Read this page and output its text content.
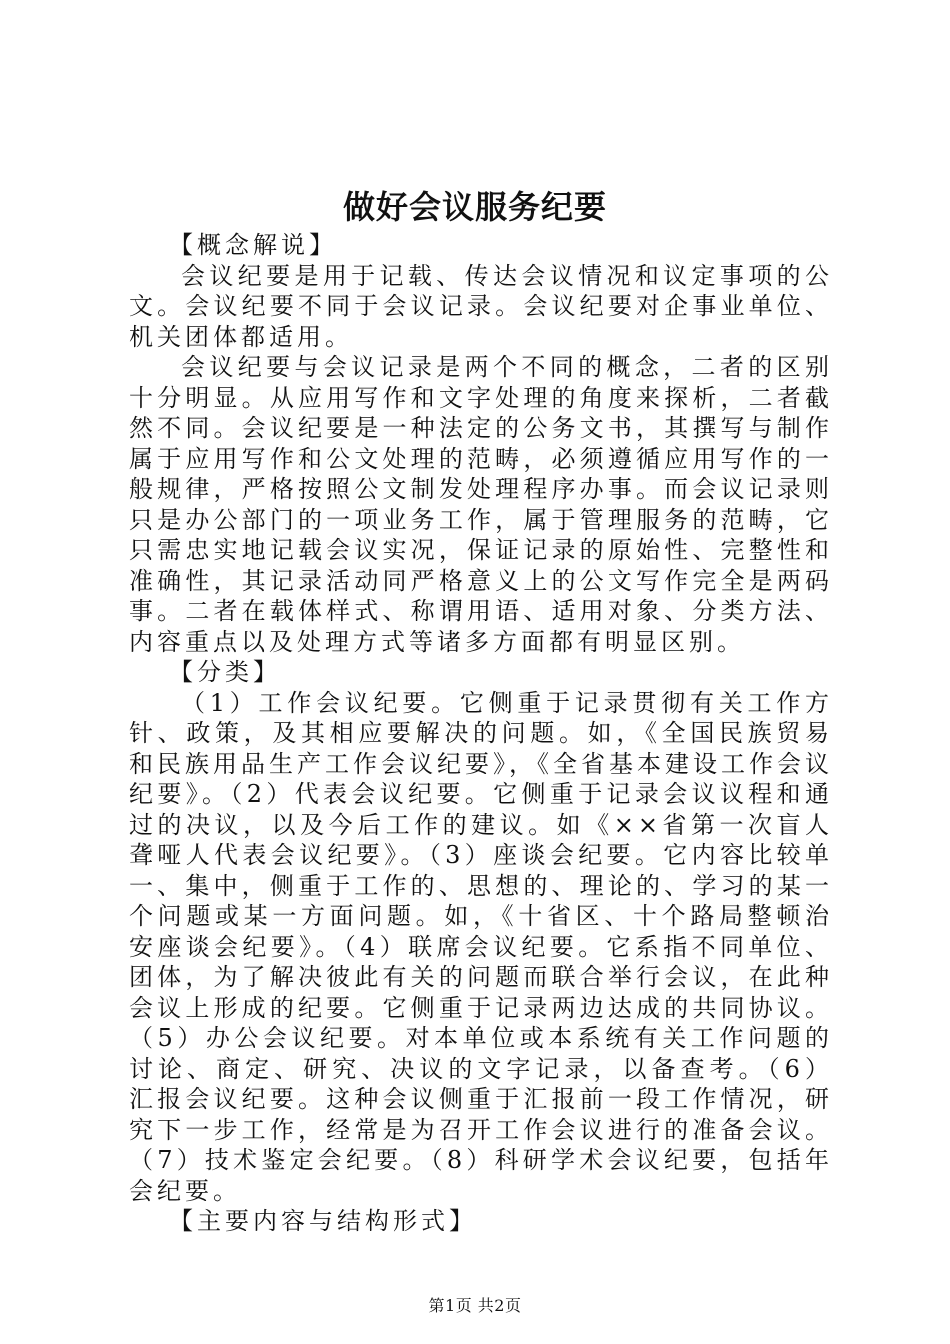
做好会议服务纪要

【概念解说】

会议纪要是用于记载、传达会议情况和议定事项的公文。会议纪要不同于会议记录。会议纪要对企事业单位、机关团体都适用。

会议纪要与会议记录是两个不同的概念，二者的区别十分明显。从应用写作和文字处理的角度来探析，二者截然不同。会议纪要是一种法定的公务文书，其撰写与制作属于应用写作和公文处理的范畴，必须遵循应用写作的一般规律，严格按照公文制发处理程序办事。而会议记录则只是办公部门的一项业务工作，属于管理服务的范畴，它只需忠实地记载会议实况，保证记录的原始性、完整性和准确性，其记录活动同严格意义上的公文写作完全是两码事。二者在载体样式、称谓用语、适用对象、分类方法、内容重点以及处理方式等诸多方面都有明显区别。

【分类】

（1）工作会议纪要。它侧重于记录贯彻有关工作方针、政策，及其相应要解决的问题。如，《全国民族贸易和民族用品生产工作会议纪要》，《全省基本建设工作会议纪要》。（2）代表会议纪要。它侧重于记录会议议程和通过的决议，以及今后工作的建议。如《××省第一次盲人聋哑人代表会议纪要》。（3）座谈会纪要。它内容比较单一、集中，侧重于工作的、思想的、理论的、学习的某一个问题或某一方面问题。如，《十省区、十个路局整顿治安座谈会纪要》。（4）联席会议纪要。它系指不同单位、团体，为了解决彼此有关的问题而联合举行会议，在此种会议上形成的纪要。它侧重于记录两边达成的共同协议。（5）办公会议纪要。对本单位或本系统有关工作问题的讨论、商定、研究、决议的文字记录，以备查考。（6）汇报会议纪要。这种会议侧重于汇报前一段工作情况，研究下一步工作，经常是为召开工作会议进行的准备会议。（7）技术鉴定会纪要。（8）科研学术会议纪要，包括年会纪要。

【主要内容与结构形式】

第1页 共2页
